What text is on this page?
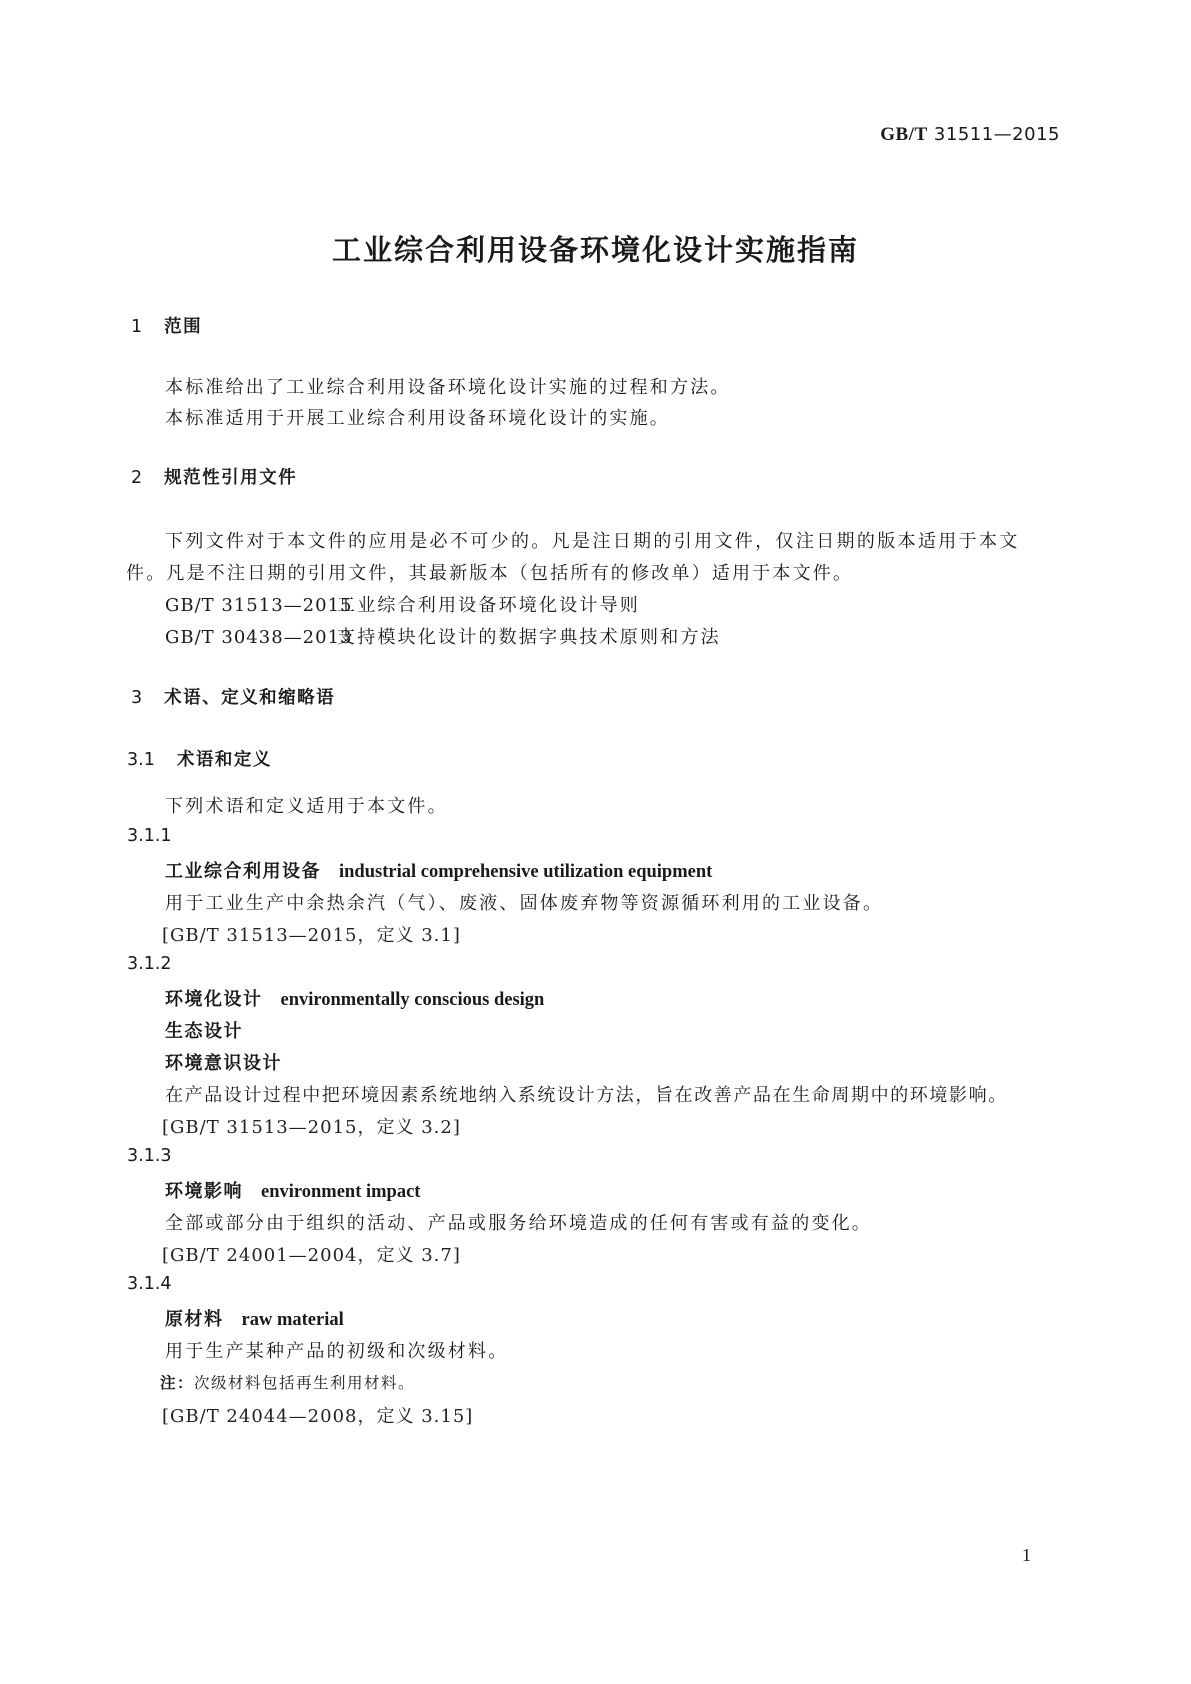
GB/T 31511—2015
工业综合利用设备环境化设计实施指南
1 范围
本标准给出了工业综合利用设备环境化设计实施的过程和方法。
本标准适用于开展工业综合利用设备环境化设计的实施。
2 规范性引用文件
下列文件对于本文件的应用是必不可少的。凡是注日期的引用文件，仅注日期的版本适用于本文
件。凡是不注日期的引用文件，其最新版本（包括所有的修改单）适用于本文件。
GB/T 31513—2015工业综合利用设备环境化设计导则
GB/T 30438—2013支持模块化设计的数据字典技术原则和方法
3 术语、定义和缩略语
3.1 术语和定义
下列术语和定义适用于本文件。
3.1.1
工业综合利用设备 industrial comprehensive utilization equipment
用于工业生产中余热余汽（气）、废液、固体废弃物等资源循环利用的工业设备。
[GB/T 31513—2015，定义 3.1]
3.1.2
环境化设计 environmentally conscious design
生态设计
环境意识设计
在产品设计过程中把环境因素系统地纳入系统设计方法，旨在改善产品在生命周期中的环境影响。
[GB/T 31513—2015，定义 3.2]
3.1.3
环境影响 environment impact
全部或部分由于组织的活动、产品或服务给环境造成的任何有害或有益的变化。
[GB/T 24001—2004，定义 3.7]
3.1.4
原材料 raw material
用于生产某种产品的初级和次级材料。
注：次级材料包括再生利用材料。
[GB/T 24044—2008，定义 3.15]
1
